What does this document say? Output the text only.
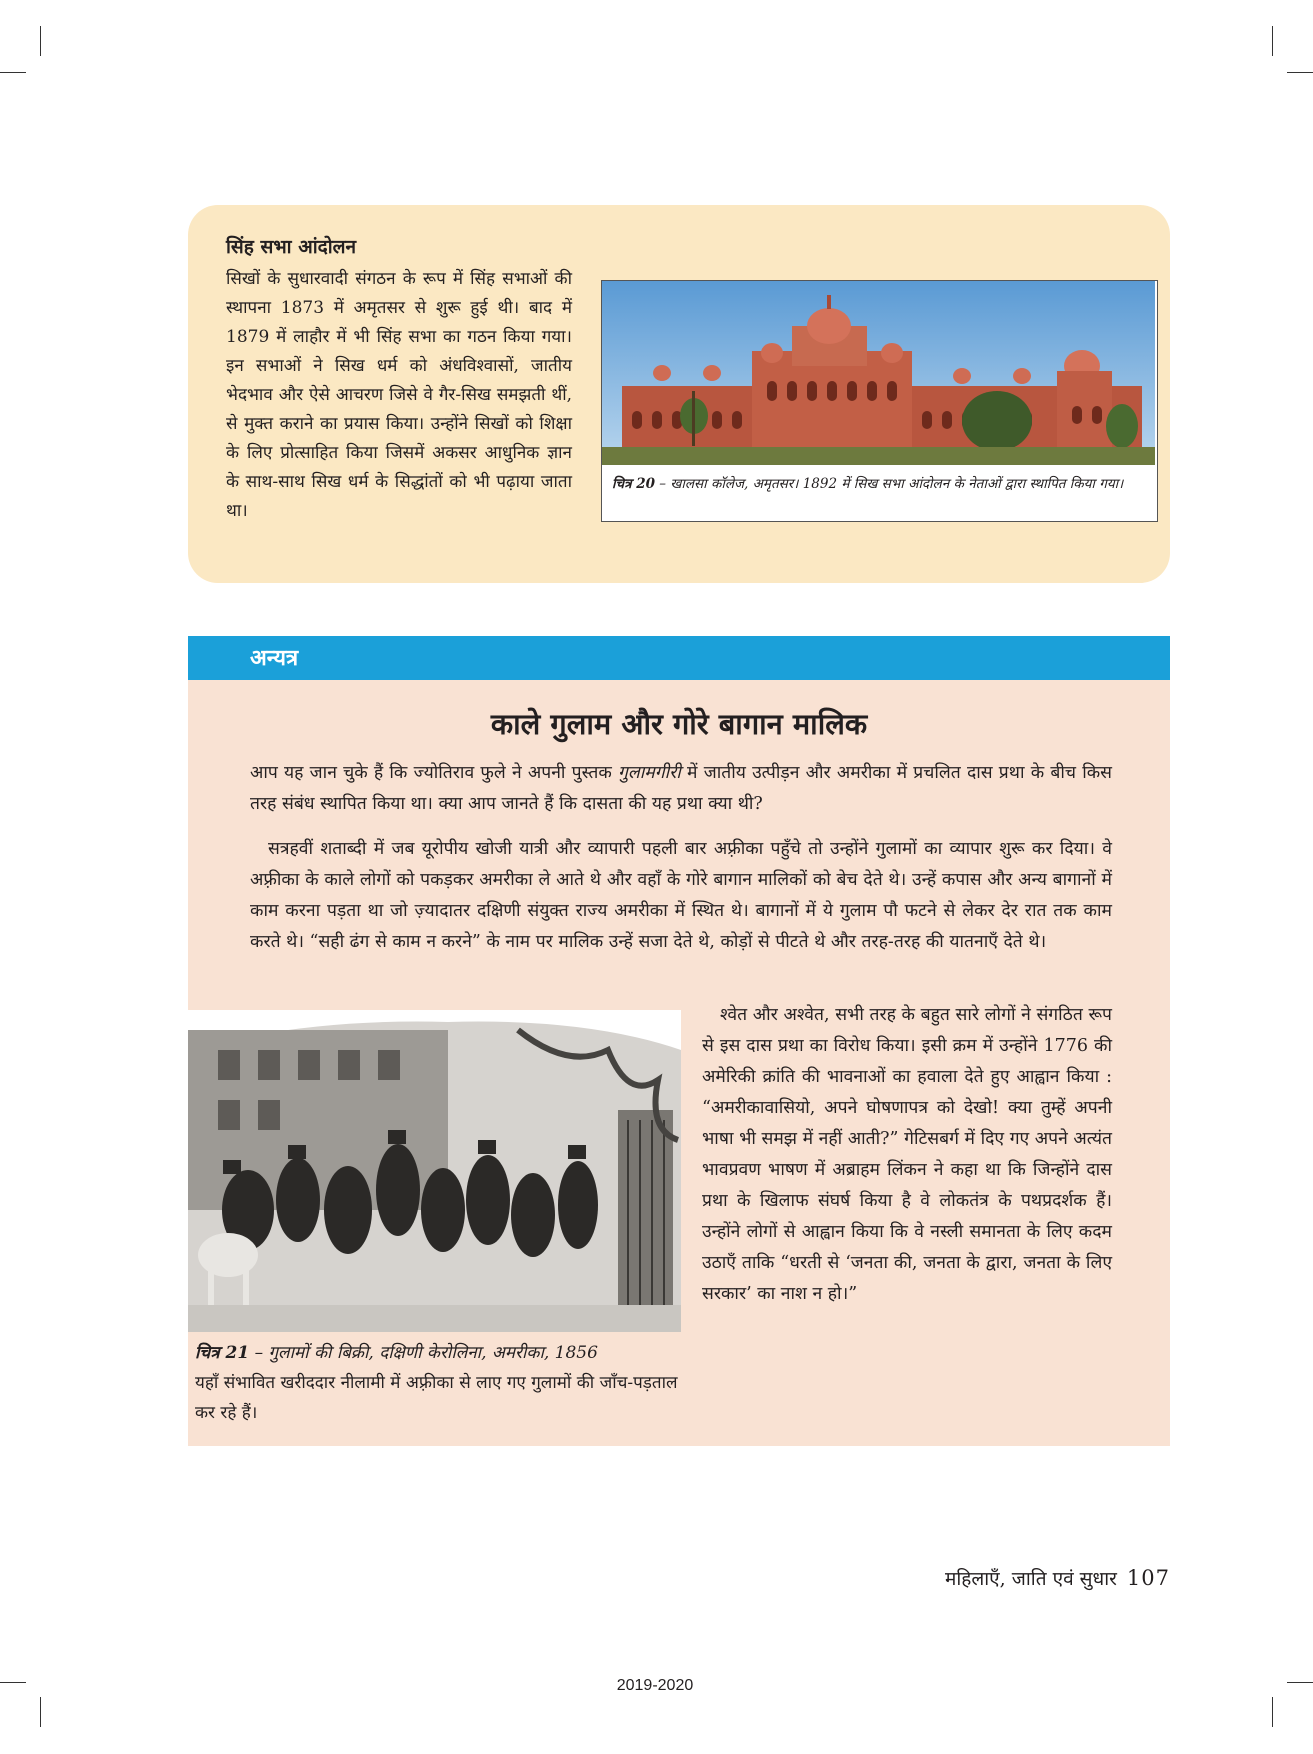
सिंह सभा आंदोलन
सिखों के सुधारवादी संगठन के रूप में सिंह सभाओं की स्थापना 1873 में अमृतसर से शुरू हुई थी। बाद में 1879 में लाहौर में भी सिंह सभा का गठन किया गया। इन सभाओं ने सिख धर्म को अंधविश्वासों, जातीय भेदभाव और ऐसे आचरण जिसे वे गैर-सिख समझती थीं, से मुक्त कराने का प्रयास किया। उन्होंने सिखों को शिक्षा के लिए प्रोत्साहित किया जिसमें अकसर आधुनिक ज्ञान के साथ-साथ सिख धर्म के सिद्धांतों को भी पढ़ाया जाता था।
चित्र 20 – खालसा कॉलेज, अमृतसर। 1892 में सिख सभा आंदोलन के नेताओं द्वारा स्थापित किया गया।
अन्यत्र
काले गुलाम और गोरे बागान मालिक
आप यह जान चुके हैं कि ज्योतिराव फुले ने अपनी पुस्तक गुलामगीरी में जातीय उत्पीड़न और अमरीका में प्रचलित दास प्रथा के बीच किस तरह संबंध स्थापित किया था। क्या आप जानते हैं कि दासता की यह प्रथा क्या थी?
सत्रहवीं शताब्दी में जब यूरोपीय खोजी यात्री और व्यापारी पहली बार अफ़्रीका पहुँचे तो उन्होंने गुलामों का व्यापार शुरू कर दिया। वे अफ़्रीका के काले लोगों को पकड़कर अमरीका ले आते थे और वहाँ के गोरे बागान मालिकों को बेच देते थे। उन्हें कपास और अन्य बागानों में काम करना पड़ता था जो ज़्यादातर दक्षिणी संयुक्त राज्य अमरीका में स्थित थे। बागानों में ये गुलाम पौ फटने से लेकर देर रात तक काम करते थे। “सही ढंग से काम न करने” के नाम पर मालिक उन्हें सजा देते थे, कोड़ों से पीटते थे और तरह-तरह की यातनाएँ देते थे।
चित्र 21 – गुलामों की बिक्री, दक्षिणी केरोलिना, अमरीका, 1856
यहाँ संभावित खरीददार नीलामी में अफ़्रीका से लाए गए गुलामों की जाँच-पड़ताल कर रहे हैं।
श्वेत और अश्वेत, सभी तरह के बहुत सारे लोगों ने संगठित रूप से इस दास प्रथा का विरोध किया। इसी क्रम में उन्होंने 1776 की अमेरिकी क्रांति की भावनाओं का हवाला देते हुए आह्वान किया : “अमरीकावासियो, अपने घोषणापत्र को देखो! क्या तुम्हें अपनी भाषा भी समझ में नहीं आती?” गेटिसबर्ग में दिए गए अपने अत्यंत भावप्रवण भाषण में अब्राहम लिंकन ने कहा था कि जिन्होंने दास प्रथा के खिलाफ संघर्ष किया है वे लोकतंत्र के पथप्रदर्शक हैं। उन्होंने लोगों से आह्वान किया कि वे नस्ली समानता के लिए कदम उठाएँ ताकि “धरती से ‘जनता की, जनता के द्वारा, जनता के लिए सरकार’ का नाश न हो।”
महिलाएँ, जाति एवं सुधार 107
2019-2020
